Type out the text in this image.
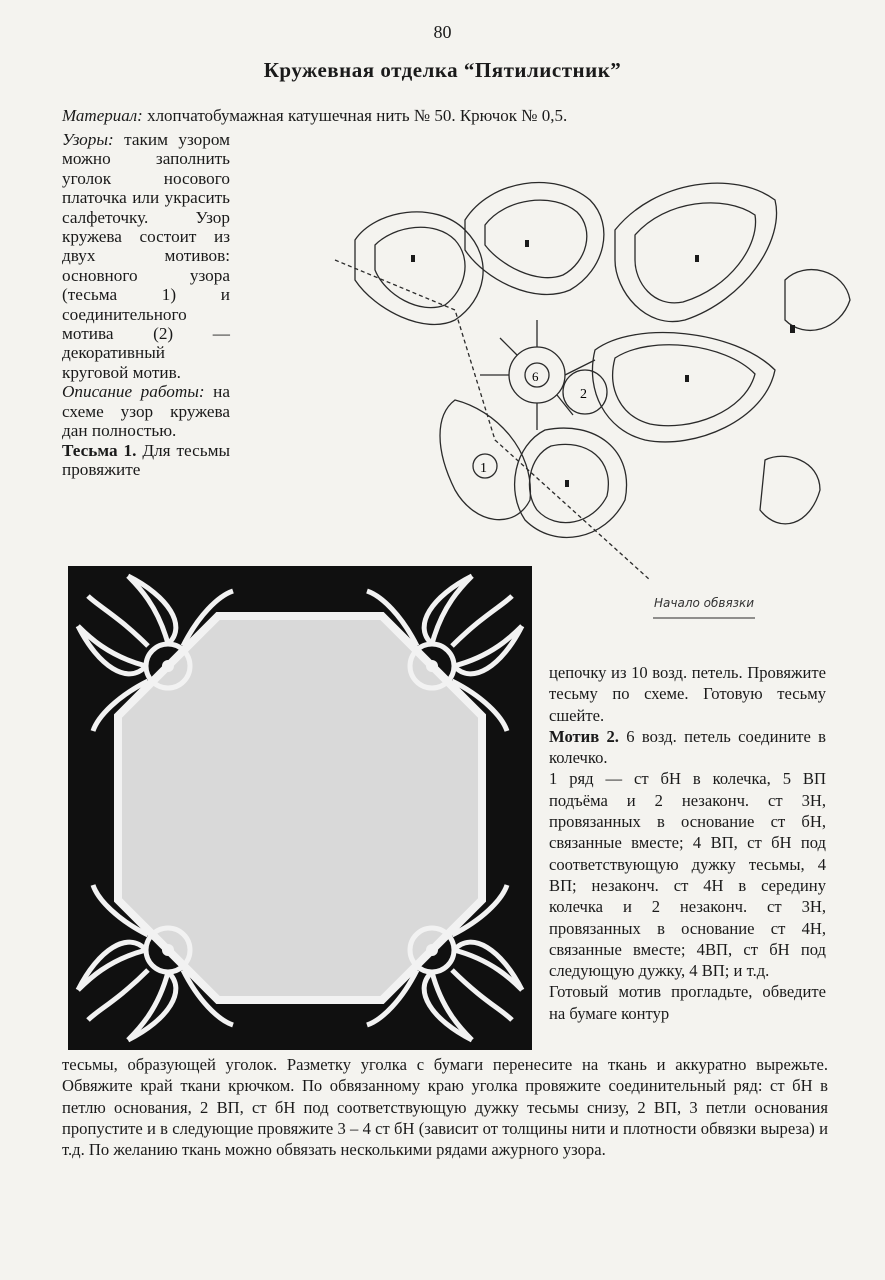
80
Кружевная отделка “Пятилистник”
Материал: хлопчатобумажная катушечная нить № 50. Крючок № 0,5.

Узоры: таким узором можно заполнить уголок носового платочка или украсить салфеточку. Узор кружева состоит из двух мотивов: основного узора (тесьма 1) и соединительного мотива (2) — декоративный круговой мотив.

Описание работы: на схеме узор кружева дан полностью.

Тесьма 1. Для тесьмы провяжите

6
2
1
Начало обвязки

цепочку из 10 возд. петель. Провяжите тесьму по схеме. Готовую тесьму сшейте.

Мотив 2. 6 возд. петель соедините в колечко.

1 ряд — ст бН в колечка, 5 ВП подъёма и 2 незаконч. ст 3Н, провязанных в основание ст бН, связанные вместе; 4 ВП, ст бН под соответствующую дужку тесьмы, 4 ВП; незаконч. ст 4Н в середину колечка и 2 незаконч. ст 3Н, провязанных в основание ст 4Н, связанные вместе; 4ВП, ст бН под следующую дужку, 4 ВП; и т.д.

Готовый мотив прогладьте, обведите на бумаге контур

тесьмы, образующей уголок. Разметку уголка с бумаги перенесите на ткань и аккуратно вырежьте. Обвяжите край ткани крючком. По обвязанному краю уголка провяжите соединительный ряд: ст бН в петлю основания, 2 ВП, ст бН под соответствующую дужку тесьмы снизу, 2 ВП, 3 петли основания пропустите и в следующие провяжите 3 – 4 ст бН (зависит от толщины нити и плотности обвязки выреза) и т.д. По желанию ткань можно обвязать несколькими рядами ажурного узора.
